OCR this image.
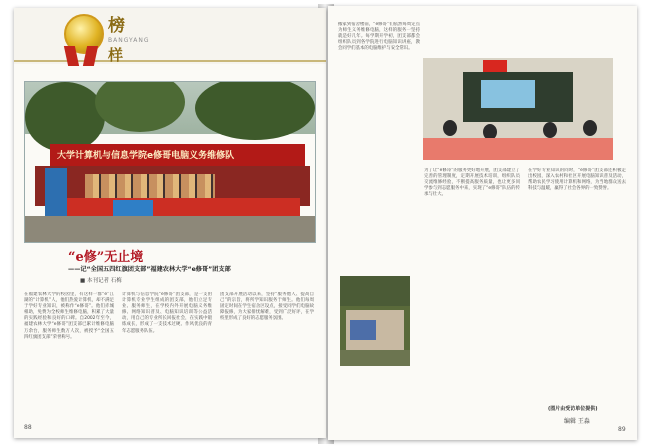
榜
BANGYANG
样
大学计算机与信息学院e修哥电脑义务维修队
“e修”无止境
——记“全国五四红旗团支部”福建农林大学“e修哥”团支部
■ 本刊记者 石梅
在福建农林大学的校园里，有这样一群“e”江湖的“计算机”人，他们热爱计算机，却不满足于学好专业知识，被称作“e修哥”。他们赤城相助，免费为全校师生维修电脑，积累了大量的实践经验和良好的口碑。自2002年至今，福建农林大学“e修哥”团支部已累计维修电脑万余台，服务师生数万人次，被授予“全国五四红旗团支部”荣誉称号。
计算机与信息学院“e修哥”团支部，是一支由计算机专业学生组成的团支部，他们立足专业、服务师生，在学校内外开展电脑义务维修、网络知识普及、电脑知识培训等公益活动，用自己的专业所长回报社会，在实践中锻炼成长，形成了一支技术过硬、作风优良的青年志愿服务队伍。
团支部开展活动以来，坚持“服务他人、提高自己”的宗旨，将所学知识服务于师生。他们每周固定时间在学生宿舍区设点，接受同学们电脑故障报修，为大家排忧解难，受到广泛好评，在学校里形成了良好的志愿服务氛围。
88
搬家到宿舍楼前，“e修哥”们依然每周定点为师生义务维修电脑，这样的服务一坚持就是好几年。每学期开学初，团支部都会组织队员到各学院进行电脑知识讲座，教会同学们基本的电脑维护与安全常识。
为了让“e修哥”的服务更好地开展，团支部建立了完善的管理制度，定期开展技术培训，组织队员交流维修经验，不断提高服务质量，也让更多同学参与到志愿服务中来，实现了“e修哥”队伍的传承与壮大。
在学好专业知识的同时，“e修哥”团支部还积极走出校园，深入农村和社区开展电脑知识普及活动，帮助农民学习使用计算机和网络，为当地群众送去科技与温暖，赢得了社会各界的一致赞誉。
(图片由受访单位提供)
编辑 王淼
89
